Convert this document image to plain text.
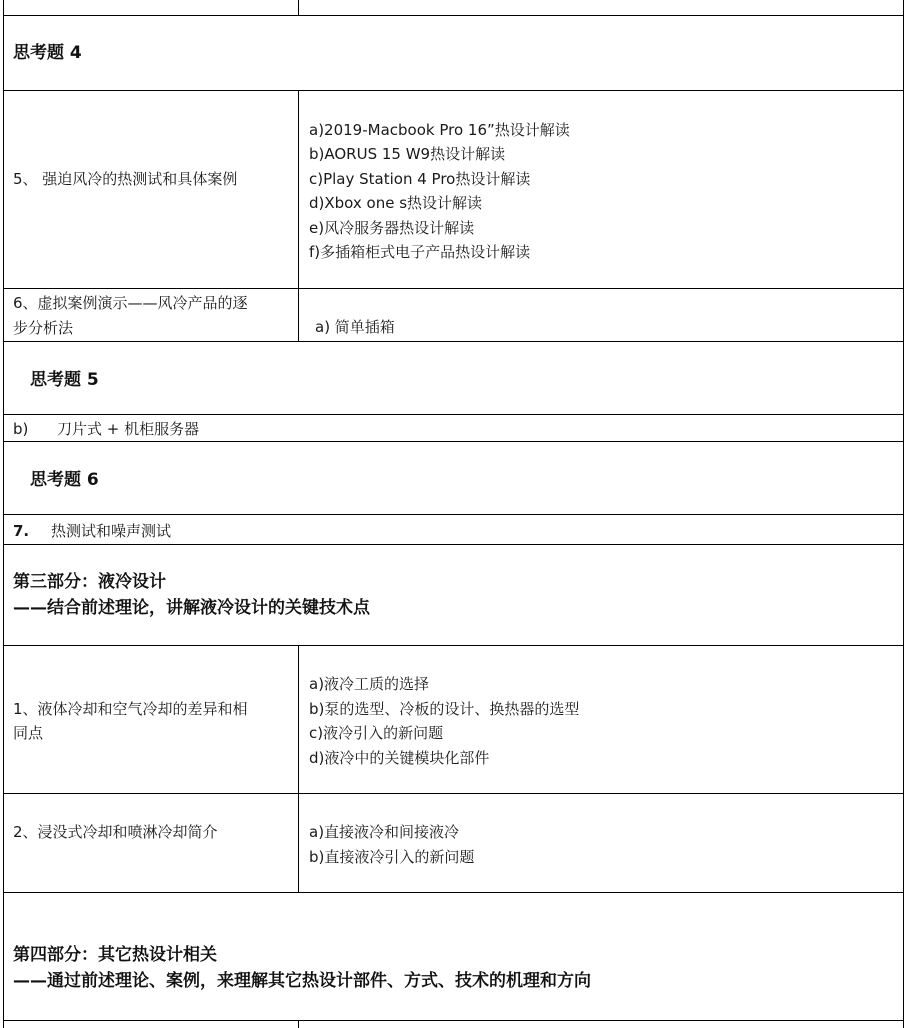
思考题 4
5、 强迫风冷的热测试和具体案例
a)2019-Macbook Pro 16”热设计解读
b)AORUS 15 W9热设计解读
c)Play Station 4 Pro热设计解读
d)Xbox one s热设计解读
e)风冷服务器热设计解读
f)多插箱柜式电子产品热设计解读
6、虚拟案例演示——风冷产品的逐
步分析法	a) 简单插箱
思考题 5
b)      刀片式 + 机柜服务器
思考题 6
7. 热测试和噪声测试
第三部分：液冷设计
——结合前述理论，讲解液冷设计的关键技术点
1、液体冷却和空气冷却的差异和相
同点
a)液冷工质的选择
b)泵的选型、冷板的设计、换热器的选型
c)液冷引入的新问题
d)液冷中的关键模块化部件
2、浸没式冷却和喷淋冷却简介	a)直接液冷和间接液冷
b)直接液冷引入的新问题
第四部分：其它热设计相关
——通过前述理论、案例，来理解其它热设计部件、方式、技术的机理和方向
